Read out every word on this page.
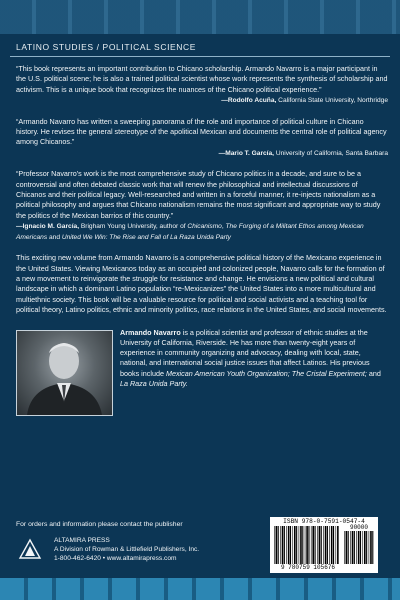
LATINO STUDIES / POLITICAL SCIENCE

“This book represents an important contribution to Chicano scholarship. Armando Navarro is a major participant in the U.S. political scene; he is also a trained political scientist whose work represents the synthesis of scholarship and activism. This is a unique book that recognizes the nuances of the Chicano political experience.”

—Rodolfo Acuña, California State University, Northridge

“Armando Navarro has written a sweeping panorama of the role and importance of political culture in Chicano history. He revises the general stereotype of the apolitical Mexican and documents the central role of political agency among Chicanos.”

—Mario T. García, University of California, Santa Barbara

“Professor Navarro’s work is the most comprehensive study of Chicano politics in a decade, and sure to be a controversial and often debated classic work that will renew the philosophical and intellectual discussions of Chicanos and their political legacy. Well-researched and written in a forceful manner, it re-injects nationalism as a political philosophy and argues that Chicano nationalism remains the most significant and appropriate way to study the politics of the Mexican barrios of this country.”

—Ignacio M. García, Brigham Young University, author of Chicanismo, The Forging of a Militant Ethos among Mexican Americans and United We Win: The Rise and Fall of La Raza Unida Party

This exciting new volume from Armando Navarro is a comprehensive political history of the Mexicano experience in the United States. Viewing Mexicanos today as an occupied and colonized people, Navarro calls for the formation of a new movement to reinvigorate the struggle for resistance and change. He envisions a new political and cultural landscape in which a dominant Latino population “re-Mexicanizes” the United States into a more multicultural and multiethnic society. This book will be a valuable resource for political and social activists and a teaching tool for political theory, Latino politics, ethnic and minority politics, race relations in the United States, and social movements.

Armando Navarro is a political scientist and professor of ethnic studies at the University of California, Riverside. He has more than twenty-eight years of experience in community organizing and advocacy, dealing with local, state, national, and international social justice issues that affect Latinos. His previous books include Mexican American Youth Organization; The Cristal Experiment; and La Raza Unida Party.
For orders and information please contact the publisher
ALTAMIRA PRESS
A Division of Rowman & Littlefield Publishers, Inc.
1-800-462-6420 • www.altamirapress.com
ISBN 978-0-7591-0547-4
90000
9 780759 105676
